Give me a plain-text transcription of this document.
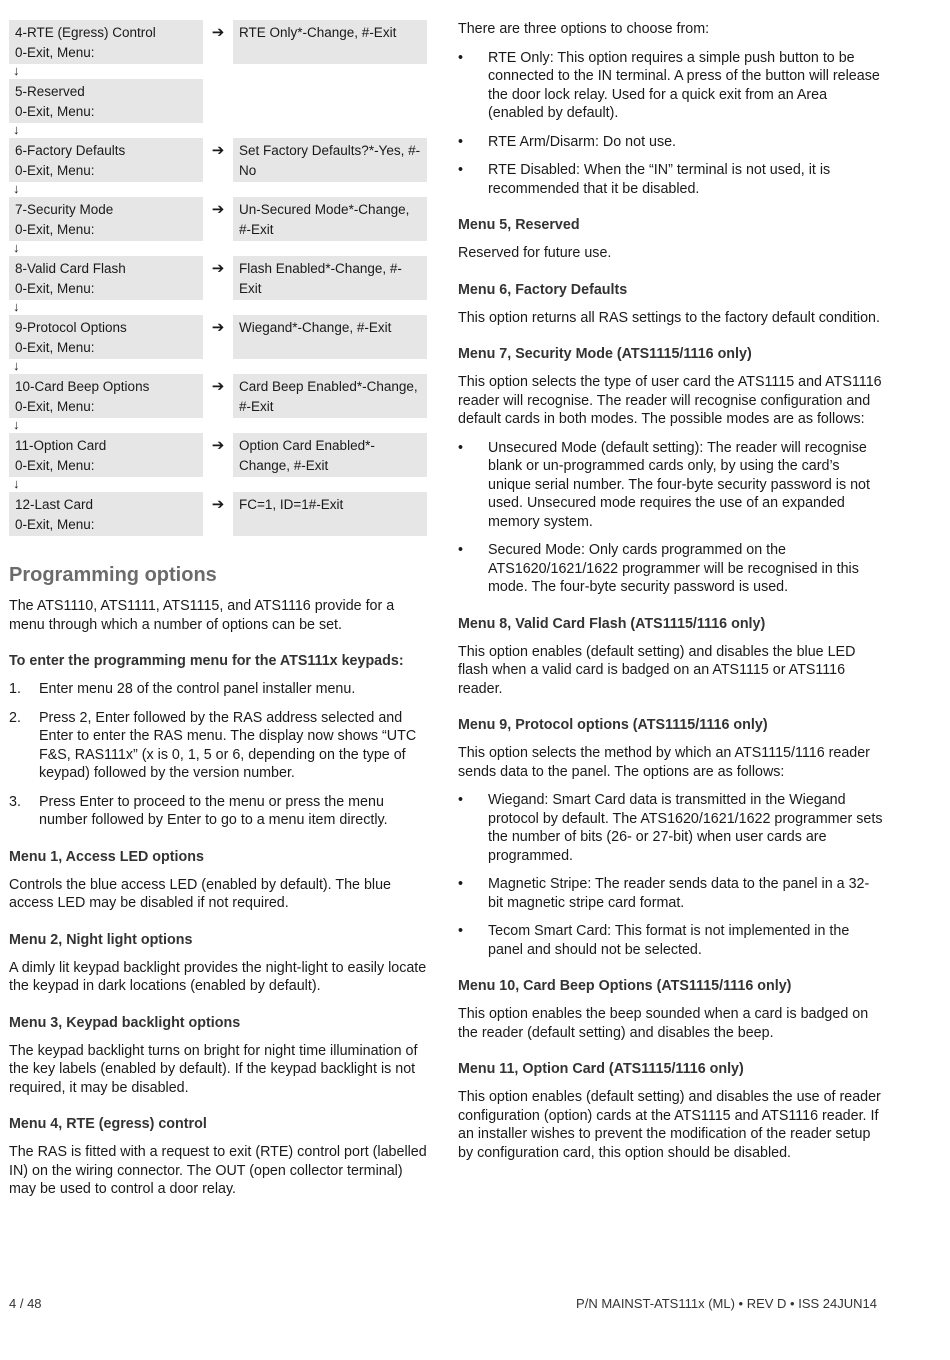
4-RTE (Egress) Control
0-Exit, Menu:
➔	RTE Only*-Change, #-Exit
↓
5-Reserved
0-Exit, Menu:
↓
6-Factory Defaults
0-Exit, Menu:
➔	Set Factory Defaults?*-Yes, #-No
↓
7-Security Mode
0-Exit, Menu:
➔	Un-Secured Mode*-Change, #-Exit
↓
8-Valid Card Flash
0-Exit, Menu:
➔	Flash Enabled*-Change, #-Exit
↓
9-Protocol Options
0-Exit, Menu:
➔	Wiegand*-Change, #-Exit
↓
10-Card Beep Options
0-Exit, Menu:
➔	Card Beep Enabled*-Change, #-Exit
↓
11-Option Card
0-Exit, Menu:
➔	Option Card Enabled*-Change, #-Exit
↓
12-Last Card
0-Exit, Menu:
➔	FC=1, ID=1#-Exit
Programming options

The ATS1110, ATS1111, ATS1115, and ATS1116 provide for a menu through which a number of options can be set.

To enter the programming menu for the ATS111x keypads:
1.	Enter menu 28 of the control panel installer menu.
2.	Press 2, Enter followed by the RAS address selected and Enter to enter the RAS menu. The display now shows “UTC F&S, RAS111x” (x is 0, 1, 5 or 6, depending on the type of keypad) followed by the version number.
3.	Press Enter to proceed to the menu or press the menu number followed by Enter to go to a menu item directly.
Menu 1, Access LED options

Controls the blue access LED (enabled by default). The blue access LED may be disabled if not required.

Menu 2, Night light options

A dimly lit keypad backlight provides the night-light to easily locate the keypad in dark locations (enabled by default).

Menu 3, Keypad backlight options

The keypad backlight turns on bright for night time illumination of the key labels (enabled by default). If the keypad backlight is not required, it may be disabled.

Menu 4, RTE (egress) control

The RAS is fitted with a request to exit (RTE) control port (labelled IN) on the wiring connector. The OUT (open collector terminal) may be used to control a door relay.

There are three options to choose from:

•	RTE Only: This option requires a simple push button to be connected to the IN terminal. A press of the button will release the door lock relay. Used for a quick exit from an Area (enabled by default).
•	RTE Arm/Disarm: Do not use.
•	RTE Disabled: When the “IN” terminal is not used, it is recommended that it be disabled.
Menu 5, Reserved

Reserved for future use.

Menu 6, Factory Defaults

This option returns all RAS settings to the factory default condition.

Menu 7, Security Mode (ATS1115/1116 only)

This option selects the type of user card the ATS1115 and ATS1116 reader will recognise. The reader will recognise configuration and default cards in both modes. The possible modes are as follows:

•	Unsecured Mode (default setting): The reader will recognise blank or un-programmed cards only, by using the card’s unique serial number. The four-byte security password is not used. Unsecured mode requires the use of an expanded memory system.
•	Secured Mode: Only cards programmed on the ATS1620/1621/1622 programmer will be recognised in this mode. The four-byte security password is used.
Menu 8, Valid Card Flash (ATS1115/1116 only)

This option enables (default setting) and disables the blue LED flash when a valid card is badged on an ATS1115 or ATS1116 reader.

Menu 9, Protocol options (ATS1115/1116 only)

This option selects the method by which an ATS1115/1116 reader sends data to the panel. The options are as follows:

•	Wiegand: Smart Card data is transmitted in the Wiegand protocol by default. The ATS1620/1621/1622 programmer sets the number of bits (26- or 27-bit) when user cards are programmed.
•	Magnetic Stripe: The reader sends data to the panel in a 32-bit magnetic stripe card format.
•	Tecom Smart Card: This format is not implemented in the panel and should not be selected.
Menu 10, Card Beep Options (ATS1115/1116 only)

This option enables the beep sounded when a card is badged on the reader (default setting) and disables the beep.

Menu 11, Option Card (ATS1115/1116 only)

This option enables (default setting) and disables the use of reader configuration (option) cards at the ATS1115 and ATS1116 reader. If an installer wishes to prevent the modification of the reader setup by configuration card, this option should be disabled.

4 / 48	P/N MAINST-ATS111x (ML) • REV D • ISS 24JUN14
